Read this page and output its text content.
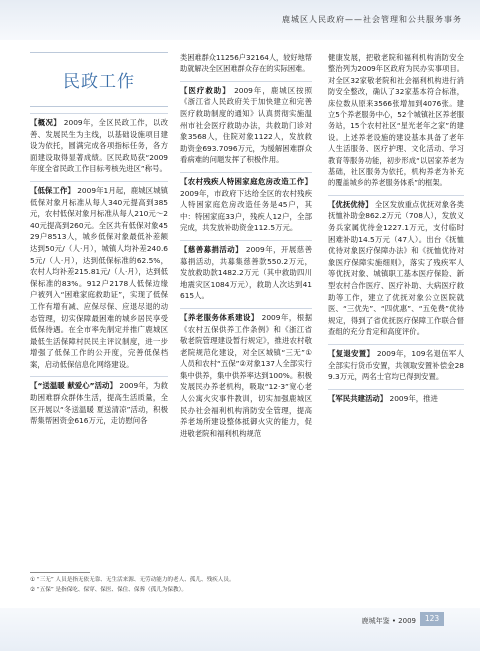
鹿城区人民政府——社会管理和公共服务事务
民政工作
【概况】 2009年，全区民政工作，以改善、发展民生为主线，以基础设施项目建设为依托，圆满完成各项指标任务，各方面建设取得显著成绩。区民政局获“2009年度全省民政工作目标考核先进区”称号。
【低保工作】 2009年1月起，鹿城区城镇低保对象月标准从每人340元提高到385元，农村低保对象月标准从每人210元～240元提高到260元。全区共有低保对象4529户8513人，城乡低保对象最低补差额达到50元/（人·月），城镇人均补差240.65元/（人·月），达到低保标准的62.5%，农村人均补差215.81元/（人·月），达到低保标准的83%。912户2178人低保边缘户被列入“困难家庭救助证”，实现了低保工作有增有减、应保尽保、应退尽退的动态管理，切实保障最困难的城乡居民享受低保待遇。在全市率先制定并推广鹿城区最低生活保障村民民主评议制度，进一步增强了低保工作的公开度，完善低保档案，启动低保信息化网络建设。
【“送温暖 献爱心”活动】 2009年，为救助困难群众群体生活，提高生活质量，全区开展以“冬送温暖 夏送清凉”活动，积极帮集帮困资金616万元，走访慰问各
类困难群众11256户32164人，较好地帮助就解决全区困难群众存在的实际困难。
【医疗救助】 2009年，鹿城区按照《浙江省人民政府关于加快建立和完善医疗救助制度的通知》认真贯彻实施温州市社会医疗救助办法，共救助门诊对象3568人，住院对象1122人，发放救助资金693.7096万元，为缓解困难群众看病难的问题发挥了积极作用。
【农村残疾人特困家庭危房改造工作】 2009年，市政府下达给全区的农村残疾人特困家庭危房改造任务是45户，其中：特困家庭33户，残疾人12户，全部完成，共发放补助资金112.5万元。
【慈善募捐活动】 2009年，开展慈善募捐活动，共募集慈善款550.2万元，发放救助款1482.2万元（其中救助四川地震灾区1084万元），救助人次达到41615人。
【养老服务体系建设】 2009年，根据《农村五保供养工作条例》和《浙江省敬老院管理建设暂行规定》，推进农村敬老院规范化建设，对全区城镇“三无”①人员和农村“五保”②对象137人全部实行集中供养，集中供养率达到100%。积极发展民办养老机构，吸取“12·3”宽心老人公寓火灾事件教训，切实加强鹿城区民办社会福利机构消防安全管理，提高养老场所建设整体抵御火灾的能力，促进敬老院和福利机构规范
健康发展，把敬老院和福利机构消防安全整治列为2009年区政府为民办实事项目。对全区32家敬老院和社会福利机构进行消防安全整改，确认了32家基本符合标准，床位数从原来3566张增加到4076张。建立5个养老服务中心，52个城镇社区养老服务站，15个农村社区“星光老年之家”的建设。上述养老设施的建设基本具备了老年人生活服务、医疗护理、文化活动、学习教育等服务功能，初步形成“以居家养老为基础，社区服务为依托，机构养老为补充的覆盖城乡的养老服务体系”的框架。
【优抚优待】 全区发放重点优抚对象各类抚恤补助金862.2万元（708人），发放义务兵家属优待金1227.1万元，支付临时困难补助14.5万元（47人）。出台《抚恤优待对象医疗保障办法》和《抚恤优待对象医疗保障实施细则》，落实了残疾军人等优抚对象、城镇职工基本医疗保险、新型农村合作医疗、医疗补助、大病医疗救助等工作，建立了优抚对象公立医院就医、“三优先”、“四优惠”、“五免费”优待规定，得到了省优抚医疗保障工作联合督查组的充分肯定和高度评价。
【复退安置】 2009年，109名退伍军人全部实行货币安置，共领取安置补偿金289.3万元，两名士官均已得到安置。
【军民共建活动】 2009年，推进
① “三无” 人员是指无依无靠、无生活来源、无劳动能力的老人、孤儿、残疾人员。
② “五保” 是指保吃、保穿、保医、保住、保葬（孤儿为保教）。
鹿城年鉴 • 2009	123
